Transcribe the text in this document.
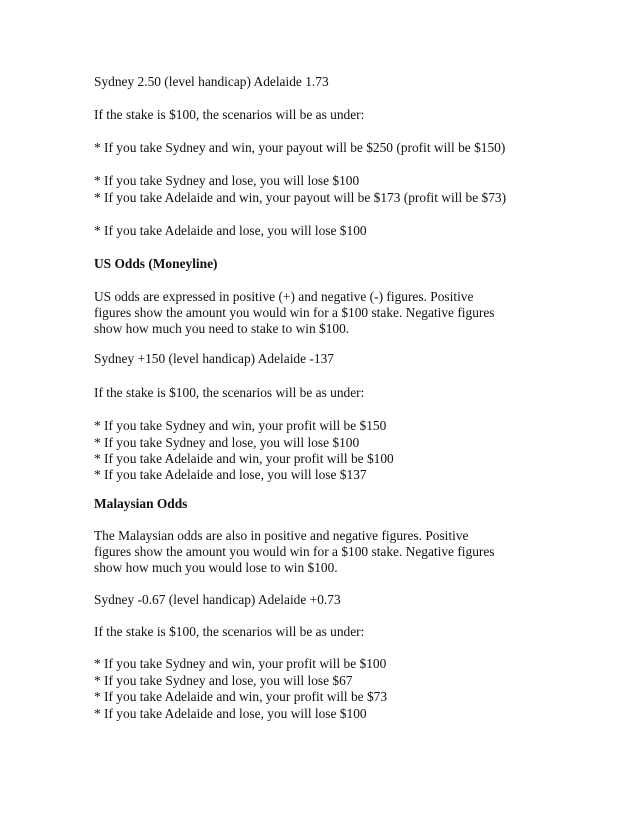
Sydney 2.50 (level handicap) Adelaide 1.73

If the stake is $100, the scenarios will be as under:

* If you take Sydney and win, your payout will be $250 (profit will be $150)

* If you take Sydney and lose, you will lose $100

* If you take Adelaide and win, your payout will be $173 (profit will be $73)

* If you take Adelaide and lose, you will lose $100

US Odds (Moneyline)

US odds are expressed in positive (+) and negative (-) figures. Positive

figures show the amount you would win for a $100 stake. Negative figures

show how much you need to stake to win $100.

Sydney +150 (level handicap) Adelaide -137

If the stake is $100, the scenarios will be as under:

* If you take Sydney and win, your profit will be $150

* If you take Sydney and lose, you will lose $100

* If you take Adelaide and win, your profit will be $100

* If you take Adelaide and lose, you will lose $137

Malaysian Odds

The Malaysian odds are also in positive and negative figures. Positive

figures show the amount you would win for a $100 stake. Negative figures

show how much you would lose to win $100.

Sydney -0.67 (level handicap) Adelaide +0.73

If the stake is $100, the scenarios will be as under:

* If you take Sydney and win, your profit will be $100

* If you take Sydney and lose, you will lose $67

* If you take Adelaide and win, your profit will be $73

* If you take Adelaide and lose, you will lose $100
